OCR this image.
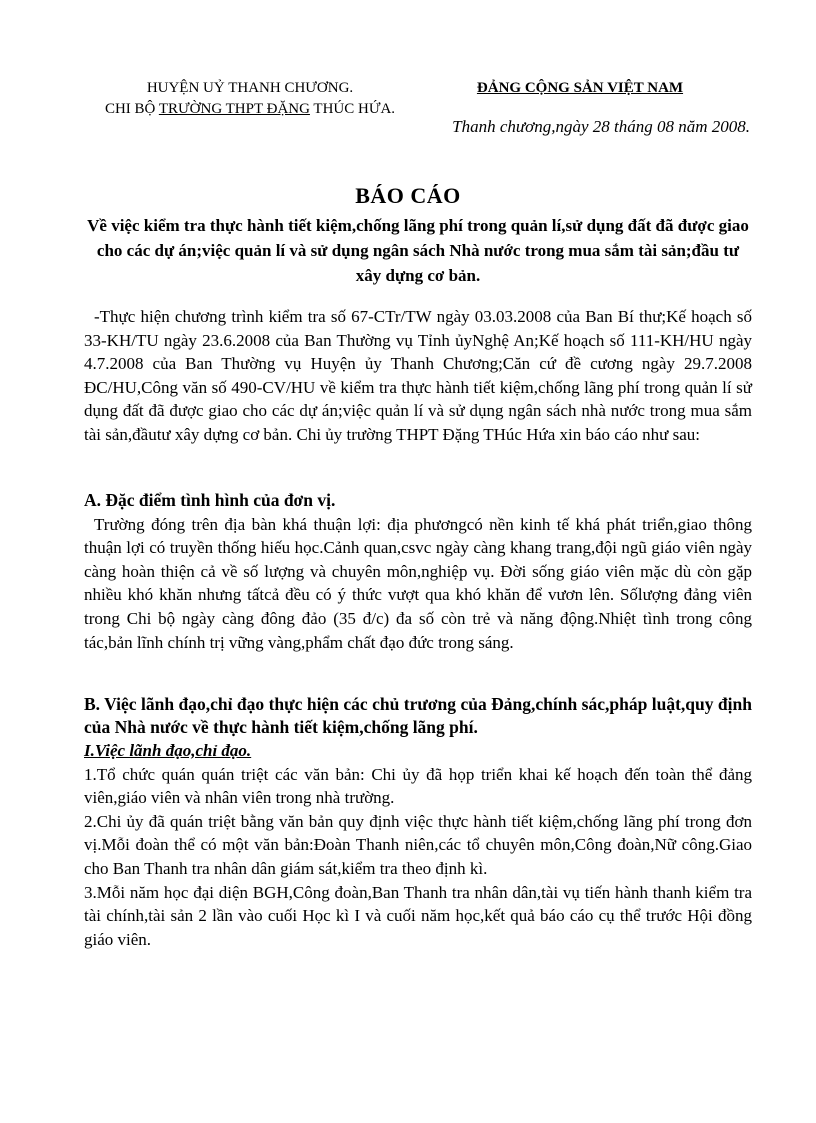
HUYỆN UỶ THANH CHƯƠNG.
CHI BỘ TRƯỜNG THPT ĐẶNG THÚC HỨA.
ĐẢNG CỘNG SẢN VIỆT NAM
Thanh chương,ngày 28 tháng 08 năm 2008.
BÁO CÁO
Về việc kiểm tra thực hành tiết kiệm,chống lãng phí trong quản lí,sử dụng đất đã được giao cho các dự án;việc quản lí và sử dụng ngân sách Nhà nước trong mua sắm tài sản;đầu tư xây dựng cơ bản.

-Thực hiện chương trình kiểm tra số 67-CTr/TW ngày 03.03.2008 của Ban Bí thư;Kế hoạch số 33-KH/TU ngày 23.6.2008 của Ban Thường vụ Tỉnh ủyNghệ An;Kế hoạch số 111-KH/HU ngày 4.7.2008 của Ban Thường vụ Huyện ủy Thanh Chương;Căn cứ đề cương ngày 29.7.2008 ĐC/HU,Công văn số 490-CV/HU về kiểm tra thực hành tiết kiệm,chống lãng phí trong quản lí sử dụng đất đã được giao cho các dự án;việc quản lí và sử dụng ngân sách nhà nước trong mua sắm tài sản,đầutư xây dựng cơ bản. Chi ủy trường THPT Đặng THúc Hứa xin báo cáo như sau:

A. Đặc điểm tình hình của đơn vị.

Trường đóng trên địa bàn khá thuận lợi: địa phươngcó nền kinh tế khá phát triển,giao thông thuận lợi có truyền thống hiếu học.Cảnh quan,csvc ngày càng khang trang,đội ngũ giáo viên ngày càng hoàn thiện cả về số lượng và chuyên môn,nghiệp vụ. Đời sống giáo viên mặc dù còn gặp nhiều khó khăn nhưng tấtcả đều có ý thức vượt qua khó khăn để vươn lên. Sốlượng đảng viên trong Chi bộ ngày càng đông đảo (35 đ/c) đa số còn trẻ và năng động.Nhiệt tình trong công tác,bản lĩnh chính trị vững vàng,phẩm chất đạo đức trong sáng.

B. Việc lãnh đạo,chỉ đạo thực hiện các chủ trương của Đảng,chính sác,pháp luật,quy định của Nhà nước về thực hành tiết kiệm,chống lãng phí.

I.Việc lãnh đạo,chỉ đạo.

1.Tổ chức quán quán triệt các văn bản: Chi ủy đã họp triển khai kế hoạch đến toàn thể đảng viên,giáo viên và nhân viên trong nhà trường.

2.Chi ủy đã quán triệt bằng văn bản quy định việc thực hành tiết kiệm,chống lãng phí trong đơn vị.Mỗi đoàn thể có một văn bản:Đoàn Thanh niên,các tổ chuyên môn,Công đoàn,Nữ công.Giao cho Ban Thanh tra nhân dân giám sát,kiểm tra theo định kì.

3.Mỗi năm học đại diện BGH,Công đoàn,Ban Thanh tra nhân dân,tài vụ tiến hành thanh kiểm tra tài chính,tài sản 2 lần vào cuối Học kì I và cuối năm học,kết quả báo cáo cụ thể trước Hội đồng giáo viên.
